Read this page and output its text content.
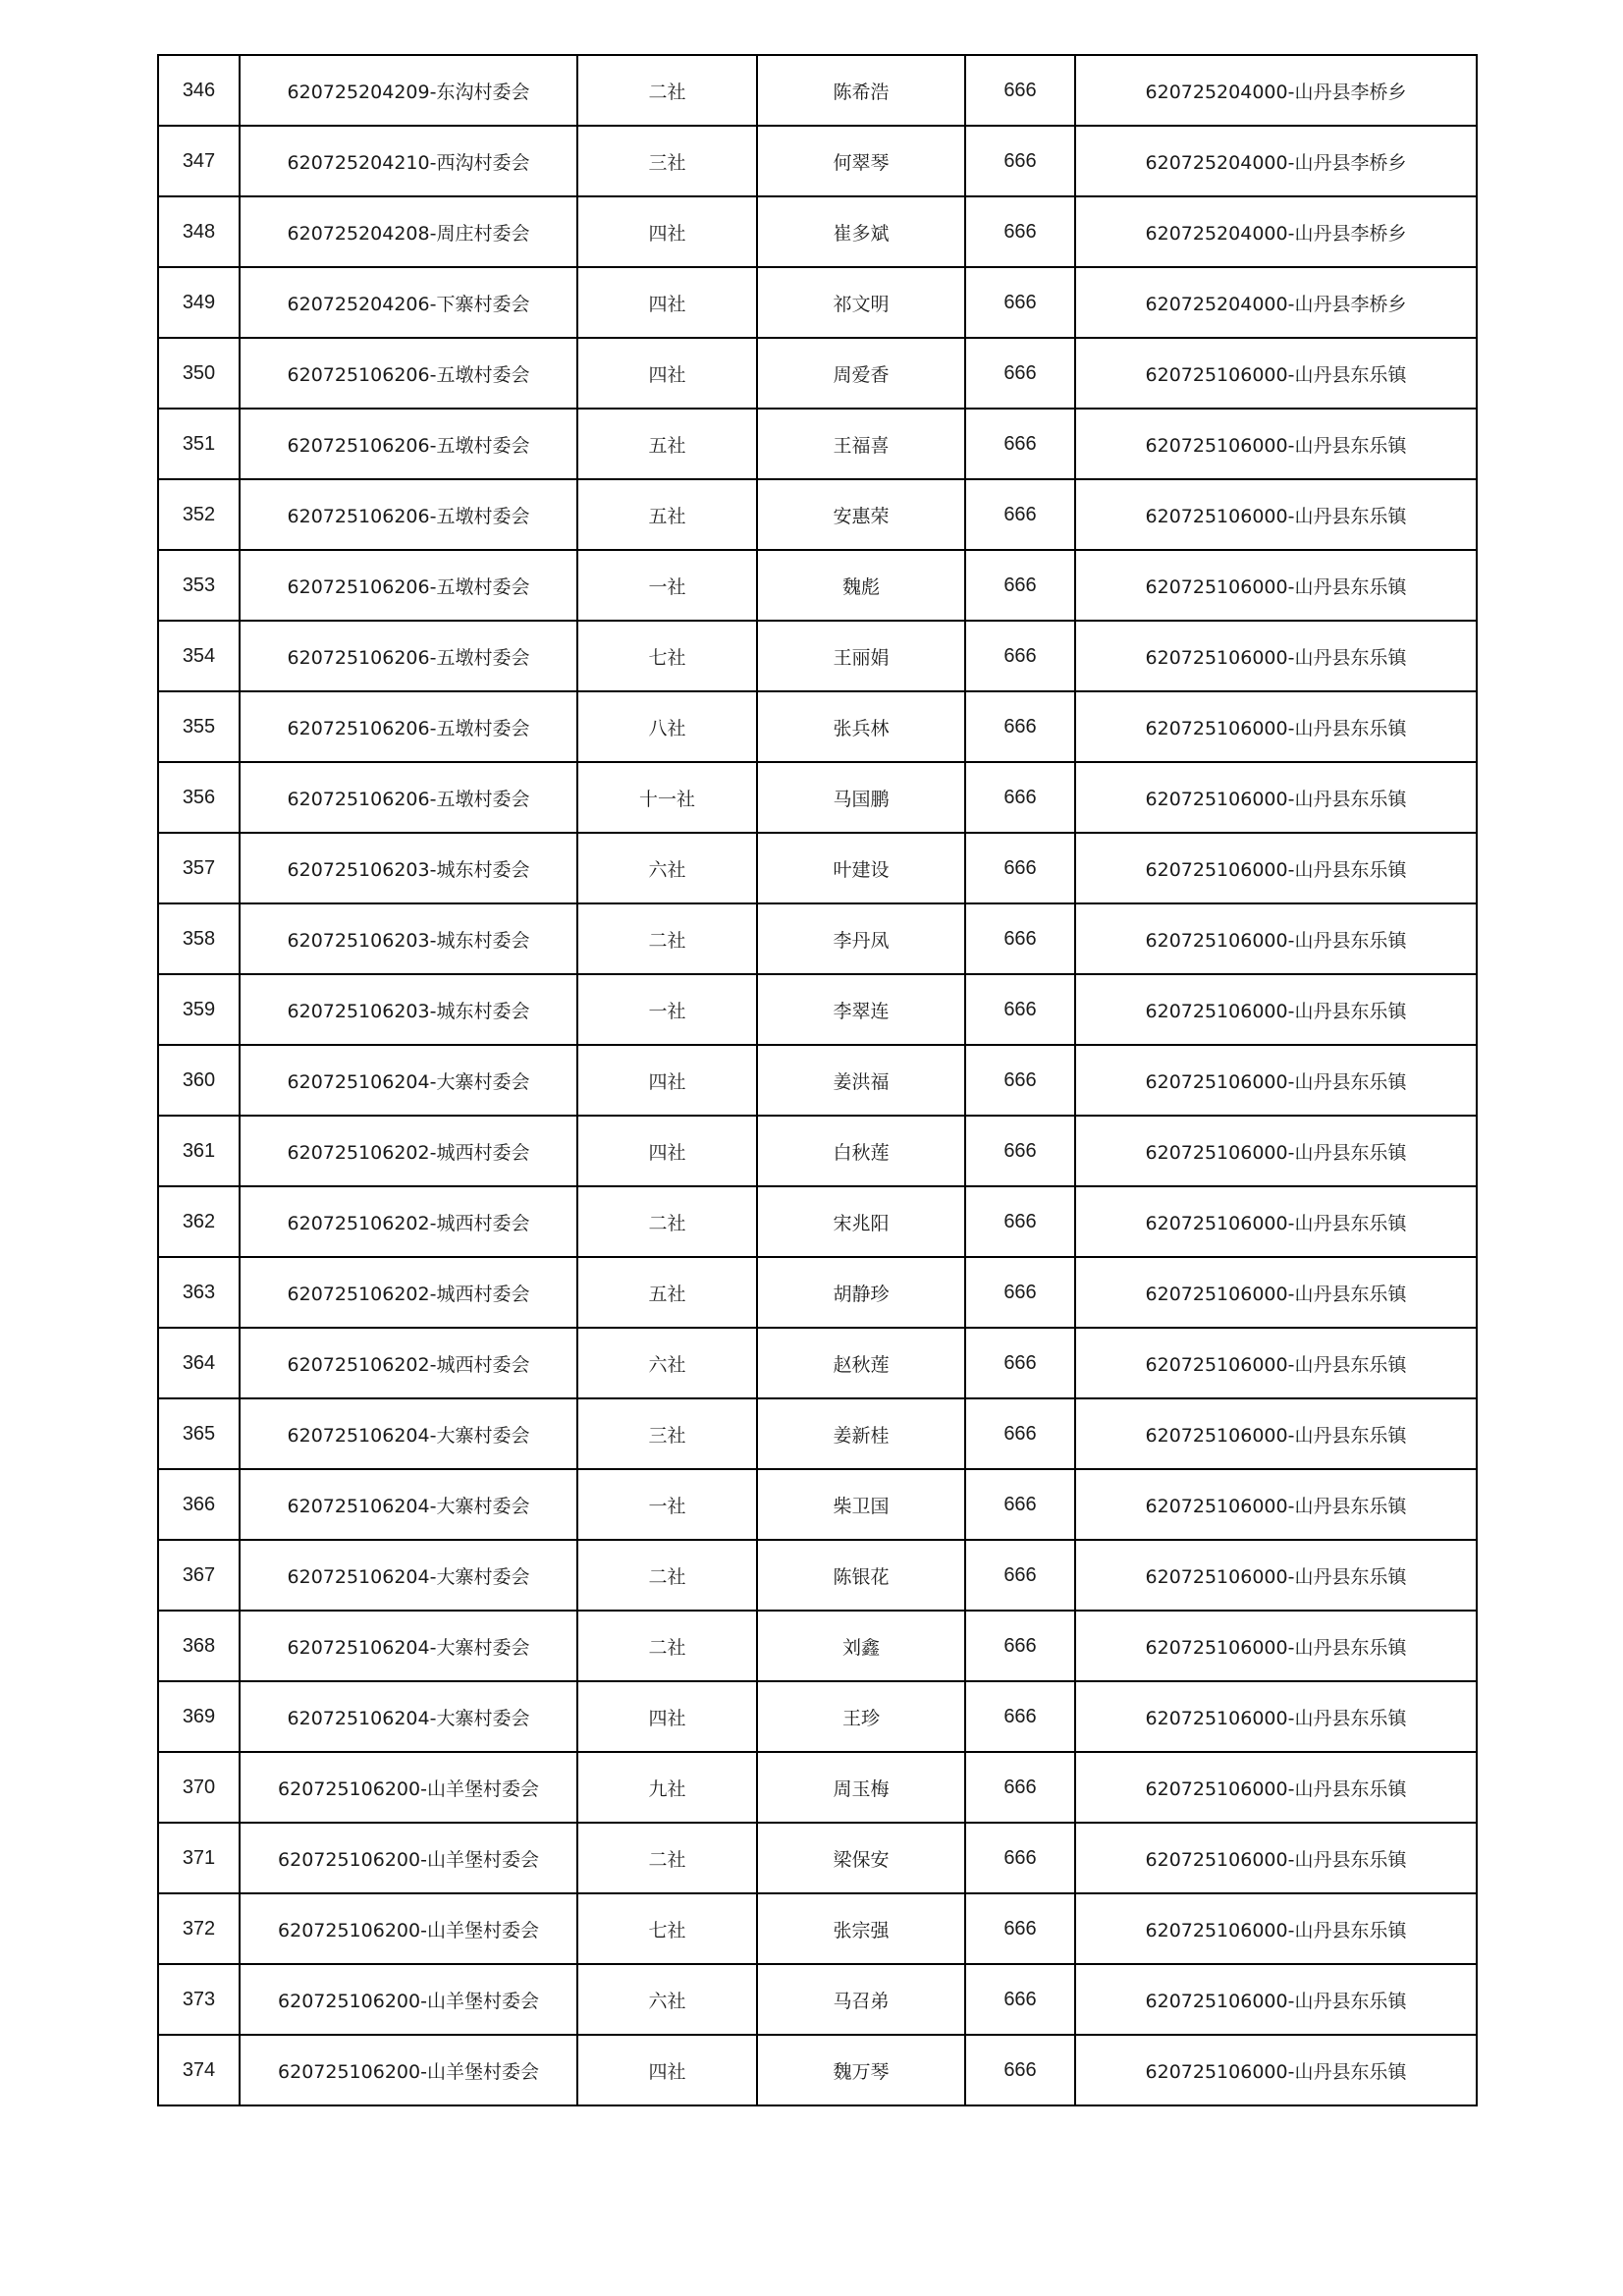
346	620725204209-东沟村委会	二社	陈希浩	666	620725204000-山丹县李桥乡
347	620725204210-西沟村委会	三社	何翠琴	666	620725204000-山丹县李桥乡
348	620725204208-周庄村委会	四社	崔多斌	666	620725204000-山丹县李桥乡
349	620725204206-下寨村委会	四社	祁文明	666	620725204000-山丹县李桥乡
350	620725106206-五墩村委会	四社	周爱香	666	620725106000-山丹县东乐镇
351	620725106206-五墩村委会	五社	王福喜	666	620725106000-山丹县东乐镇
352	620725106206-五墩村委会	五社	安惠荣	666	620725106000-山丹县东乐镇
353	620725106206-五墩村委会	一社	魏彪	666	620725106000-山丹县东乐镇
354	620725106206-五墩村委会	七社	王丽娟	666	620725106000-山丹县东乐镇
355	620725106206-五墩村委会	八社	张兵林	666	620725106000-山丹县东乐镇
356	620725106206-五墩村委会	十一社	马国鹏	666	620725106000-山丹县东乐镇
357	620725106203-城东村委会	六社	叶建设	666	620725106000-山丹县东乐镇
358	620725106203-城东村委会	二社	李丹凤	666	620725106000-山丹县东乐镇
359	620725106203-城东村委会	一社	李翠连	666	620725106000-山丹县东乐镇
360	620725106204-大寨村委会	四社	姜洪福	666	620725106000-山丹县东乐镇
361	620725106202-城西村委会	四社	白秋莲	666	620725106000-山丹县东乐镇
362	620725106202-城西村委会	二社	宋兆阳	666	620725106000-山丹县东乐镇
363	620725106202-城西村委会	五社	胡静珍	666	620725106000-山丹县东乐镇
364	620725106202-城西村委会	六社	赵秋莲	666	620725106000-山丹县东乐镇
365	620725106204-大寨村委会	三社	姜新桂	666	620725106000-山丹县东乐镇
366	620725106204-大寨村委会	一社	柴卫国	666	620725106000-山丹县东乐镇
367	620725106204-大寨村委会	二社	陈银花	666	620725106000-山丹县东乐镇
368	620725106204-大寨村委会	二社	刘鑫	666	620725106000-山丹县东乐镇
369	620725106204-大寨村委会	四社	王珍	666	620725106000-山丹县东乐镇
370	620725106200-山羊堡村委会	九社	周玉梅	666	620725106000-山丹县东乐镇
371	620725106200-山羊堡村委会	二社	梁保安	666	620725106000-山丹县东乐镇
372	620725106200-山羊堡村委会	七社	张宗强	666	620725106000-山丹县东乐镇
373	620725106200-山羊堡村委会	六社	马召弟	666	620725106000-山丹县东乐镇
374	620725106200-山羊堡村委会	四社	魏万琴	666	620725106000-山丹县东乐镇
